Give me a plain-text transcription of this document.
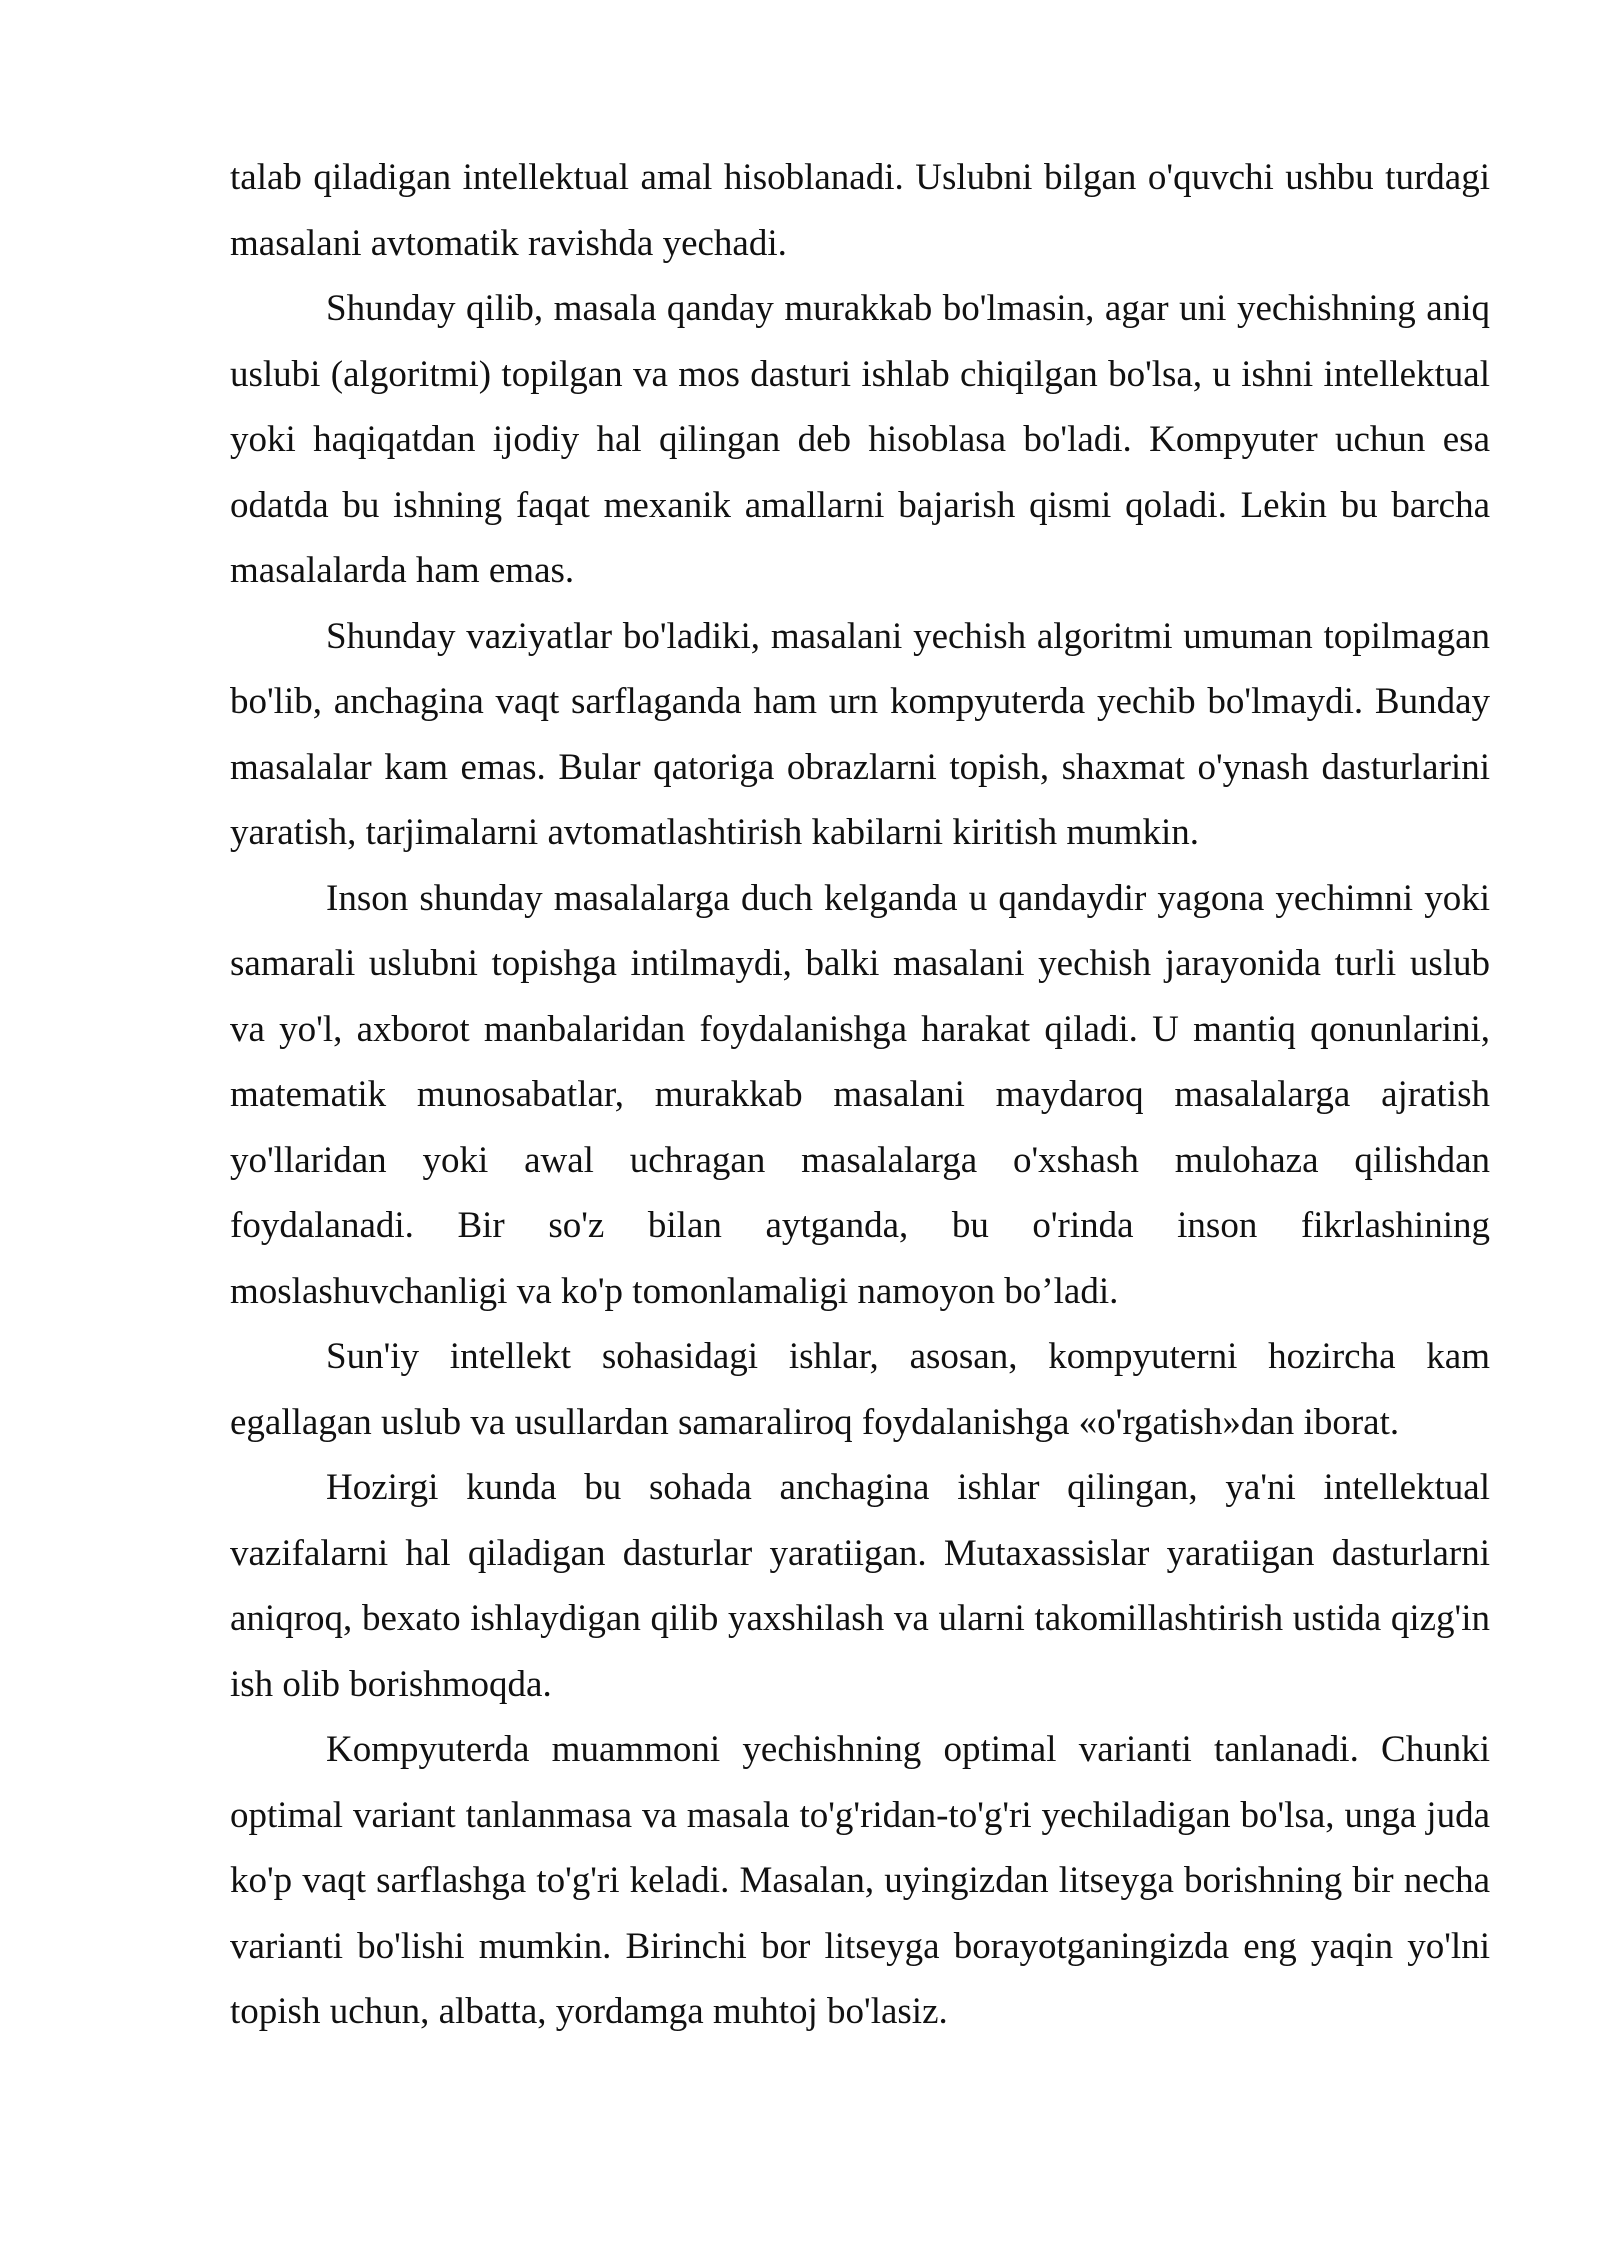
talab qiladigan intellektual amal hisoblanadi. Uslubni bilgan o'quvchi ushbu turdagi masalani avtomatik ravishda yechadi.

Shunday qilib, masala qanday murakkab bo'lmasin, agar uni yechishning aniq uslubi (algoritmi) topilgan va mos dasturi ishlab chiqilgan bo'lsa, u ishni intellektual yoki haqiqatdan ijodiy hal qilingan deb hisoblasa bo'ladi. Kompyuter uchun esa odatda bu ishning faqat mexanik amallarni bajarish qismi qoladi. Lekin bu barcha masalalarda ham emas.

Shunday vaziyatlar bo'ladiki, masalani yechish algoritmi umuman topilmagan bo'lib, anchagina vaqt sarflaganda ham urn kompyuterda yechib bo'lmaydi. Bunday masalalar kam emas. Bular qatoriga obrazlarni topish, shaxmat o'ynash dasturlarini yaratish, tarjimalarni avtomatlashtirish kabilarni kiritish mumkin.

Inson shunday masalalarga duch kelganda u qandaydir yagona yechimni yoki samarali uslubni topishga intilmaydi, balki masalani yechish jarayonida turli uslub va yo'l, axborot manbalaridan foydalanishga harakat qiladi. U mantiq qonunlarini, matematik munosabatlar, murakkab masalani maydaroq masalalarga ajratish yo'llaridan yoki awal uchragan masalalarga o'xshash mulohaza qilishdan foydalanadi. Bir so'z bilan aytganda, bu o'rinda inson fikrlashining moslashuvchanligi va ko'p tomonlamaligi namoyon bo’ladi.

Sun'iy intellekt sohasidagi ishlar, asosan, kompyuterni hozircha kam egallagan uslub va usullardan samaraliroq foydalanishga «o'rgatish»dan iborat.

Hozirgi kunda bu sohada anchagina ishlar qilingan, ya'ni intellektual vazifalarni hal qiladigan dasturlar yaratiigan. Mutaxassislar yaratiigan dasturlarni aniqroq, bexato ishlaydigan qilib yaxshilash va ularni takomillashtirish ustida qizg'in ish olib borishmoqda.

Kompyuterda muammoni yechishning optimal varianti tanlanadi. Chunki optimal variant tanlanmasa va masala to'g'ridan-to'g'ri yechiladigan bo'lsa, unga juda ko'p vaqt sarflashga to'g'ri keladi. Masalan, uyingizdan litseyga borishning bir necha varianti bo'lishi mumkin. Birinchi bor litseyga borayotganingizda eng yaqin yo'lni topish uchun, albatta, yordamga muhtoj bo'lasiz.
